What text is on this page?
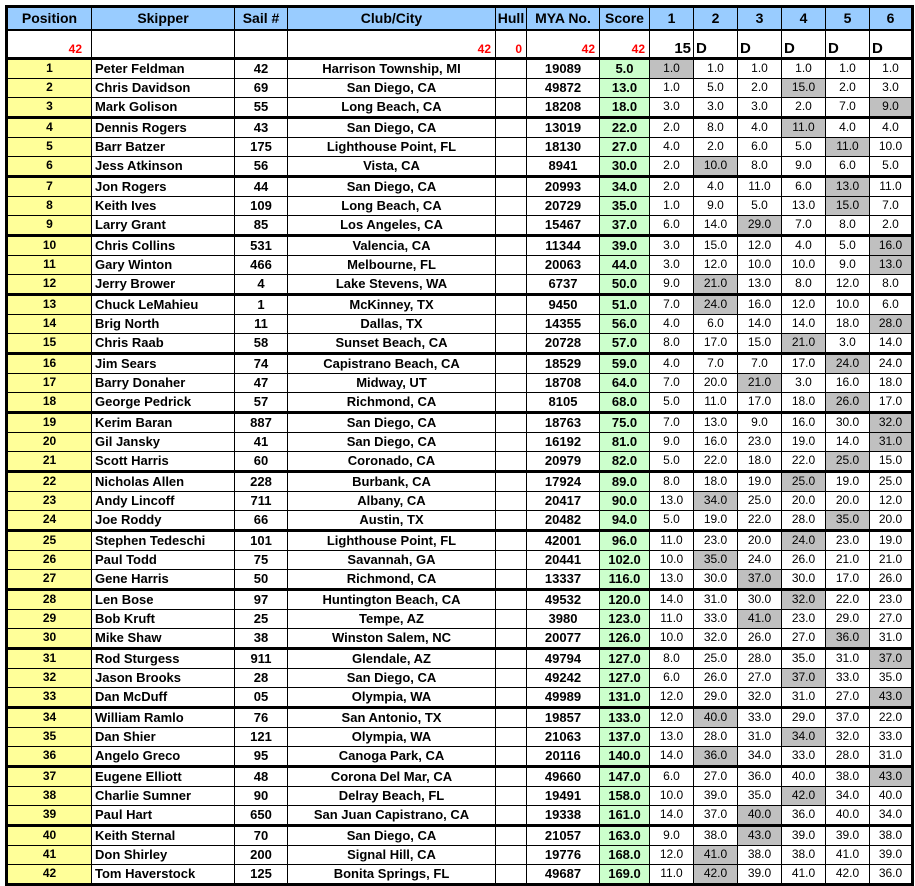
Position	Skipper	Sail #	Club/City	Hull	MYA No.	Score	1	2	3	4	5	6
42			42	0	42	42	15	D	D	D	D	D
1	Peter Feldman	42	Harrison Township, MI		19089	5.0	1.0	1.0	1.0	1.0	1.0	1.0
2	Chris Davidson	69	San Diego, CA		49872	13.0	1.0	5.0	2.0	15.0	2.0	3.0
3	Mark Golison	55	Long Beach, CA		18208	18.0	3.0	3.0	3.0	2.0	7.0	9.0
4	Dennis Rogers	43	San Diego, CA		13019	22.0	2.0	8.0	4.0	11.0	4.0	4.0
5	Barr Batzer	175	Lighthouse Point, FL		18130	27.0	4.0	2.0	6.0	5.0	11.0	10.0
6	Jess Atkinson	56	Vista, CA		8941	30.0	2.0	10.0	8.0	9.0	6.0	5.0
7	Jon Rogers	44	San Diego, CA		20993	34.0	2.0	4.0	11.0	6.0	13.0	11.0
8	Keith Ives	109	Long Beach, CA		20729	35.0	1.0	9.0	5.0	13.0	15.0	7.0
9	Larry Grant	85	Los Angeles, CA		15467	37.0	6.0	14.0	29.0	7.0	8.0	2.0
10	Chris Collins	531	Valencia, CA		11344	39.0	3.0	15.0	12.0	4.0	5.0	16.0
11	Gary Winton	466	Melbourne, FL		20063	44.0	3.0	12.0	10.0	10.0	9.0	13.0
12	Jerry Brower	4	Lake Stevens, WA		6737	50.0	9.0	21.0	13.0	8.0	12.0	8.0
13	Chuck LeMahieu	1	McKinney, TX		9450	51.0	7.0	24.0	16.0	12.0	10.0	6.0
14	Brig North	11	Dallas, TX		14355	56.0	4.0	6.0	14.0	14.0	18.0	28.0
15	Chris Raab	58	Sunset Beach, CA		20728	57.0	8.0	17.0	15.0	21.0	3.0	14.0
16	Jim Sears	74	Capistrano Beach, CA		18529	59.0	4.0	7.0	7.0	17.0	24.0	24.0
17	Barry Donaher	47	Midway, UT		18708	64.0	7.0	20.0	21.0	3.0	16.0	18.0
18	George Pedrick	57	Richmond, CA		8105	68.0	5.0	11.0	17.0	18.0	26.0	17.0
19	Kerim Baran	887	San Diego, CA		18763	75.0	7.0	13.0	9.0	16.0	30.0	32.0
20	Gil Jansky	41	San Diego, CA		16192	81.0	9.0	16.0	23.0	19.0	14.0	31.0
21	Scott Harris	60	Coronado, CA		20979	82.0	5.0	22.0	18.0	22.0	25.0	15.0
22	Nicholas Allen	228	Burbank, CA		17924	89.0	8.0	18.0	19.0	25.0	19.0	25.0
23	Andy Lincoff	711	Albany, CA		20417	90.0	13.0	34.0	25.0	20.0	20.0	12.0
24	Joe Roddy	66	Austin, TX		20482	94.0	5.0	19.0	22.0	28.0	35.0	20.0
25	Stephen Tedeschi	101	Lighthouse Point, FL		42001	96.0	11.0	23.0	20.0	24.0	23.0	19.0
26	Paul Todd	75	Savannah, GA		20441	102.0	10.0	35.0	24.0	26.0	21.0	21.0
27	Gene Harris	50	Richmond, CA		13337	116.0	13.0	30.0	37.0	30.0	17.0	26.0
28	Len Bose	97	Huntington Beach, CA		49532	120.0	14.0	31.0	30.0	32.0	22.0	23.0
29	Bob Kruft	25	Tempe, AZ		3980	123.0	11.0	33.0	41.0	23.0	29.0	27.0
30	Mike Shaw	38	Winston Salem, NC		20077	126.0	10.0	32.0	26.0	27.0	36.0	31.0
31	Rod Sturgess	911	Glendale, AZ		49794	127.0	8.0	25.0	28.0	35.0	31.0	37.0
32	Jason Brooks	28	San Diego, CA		49242	127.0	6.0	26.0	27.0	37.0	33.0	35.0
33	Dan McDuff	05	Olympia, WA		49989	131.0	12.0	29.0	32.0	31.0	27.0	43.0
34	William Ramlo	76	San Antonio, TX		19857	133.0	12.0	40.0	33.0	29.0	37.0	22.0
35	Dan Shier	121	Olympia, WA		21063	137.0	13.0	28.0	31.0	34.0	32.0	33.0
36	Angelo Greco	95	Canoga Park, CA		20116	140.0	14.0	36.0	34.0	33.0	28.0	31.0
37	Eugene Elliott	48	Corona Del Mar, CA		49660	147.0	6.0	27.0	36.0	40.0	38.0	43.0
38	Charlie Sumner	90	Delray Beach, FL		19491	158.0	10.0	39.0	35.0	42.0	34.0	40.0
39	Paul Hart	650	San Juan Capistrano, CA		19338	161.0	14.0	37.0	40.0	36.0	40.0	34.0
40	Keith Sternal	70	San Diego, CA		21057	163.0	9.0	38.0	43.0	39.0	39.0	38.0
41	Don Shirley	200	Signal Hill, CA		19776	168.0	12.0	41.0	38.0	38.0	41.0	39.0
42	Tom Haverstock	125	Bonita Springs, FL		49687	169.0	11.0	42.0	39.0	41.0	42.0	36.0
